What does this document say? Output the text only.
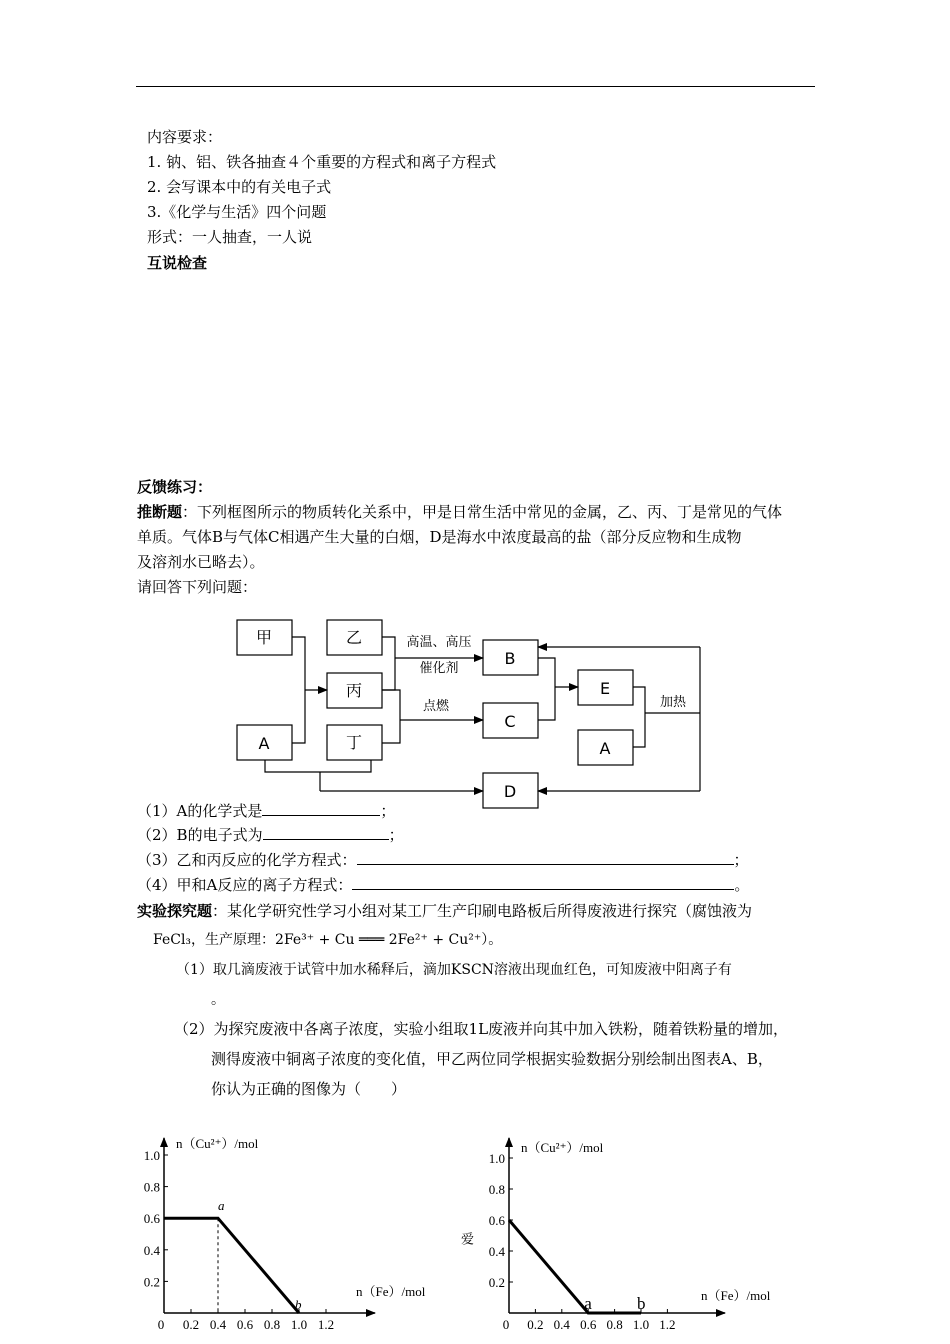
内容要求：
1. 钠、铝、铁各抽查４个重要的方程式和离子方程式
2. 会写课本中的有关电子式
3.《化学与生活》四个问题
形式：一人抽查，一人说
互说检查
反馈练习：
推断题：下列框图所示的物质转化关系中，甲是日常生活中常见的金属，乙、丙、丁是常见的气体
单质。气体B与气体C相遇产生大量的白烟，D是海水中浓度最高的盐（部分反应物和生成物
及溶剂水已略去）。
请回答下列问题：
甲	乙
丙
丁
A
B
C
D
E
A
高温、高压
催化剂
点燃	加热
（1）A的化学式是	；
（2）B的电子式为	；
（3）乙和丙反应的化学方程式：	；
（4）甲和A反应的离子方程式：	。
实验探究题：某化学研究性学习小组对某工厂生产印刷电路板后所得废液进行探究（腐蚀液为
FeCl₃，生产原理：2Fe³⁺ + Cu ═══ 2Fe²⁺ + Cu²⁺）。
（1）取几滴废液于试管中加水稀释后，滴加KSCN溶液出现血红色，可知废液中阳离子有
。
（2）为探究废液中各离子浓度，实验小组取1L废液并向其中加入铁粉，随着铁粉量的增加，
测得废液中铜离子浓度的变化值，甲乙两位同学根据实验数据分别绘制出图表A、B，
你认为正确的图像为（　　）
0 0.2 0.4 0.6 0.8 1.0 1.2
0.2
0.4
0.6
0.8
1.0
n（Cu²⁺）/mol
n（Fe）/mol
a
b
0 0.2 0.4 0.6 0.8 1.0 1.2
0.2
0.4
0.6
0.8
1.0
n（Cu²⁺）/mol
n（Fe）/mol
a	b
爱
